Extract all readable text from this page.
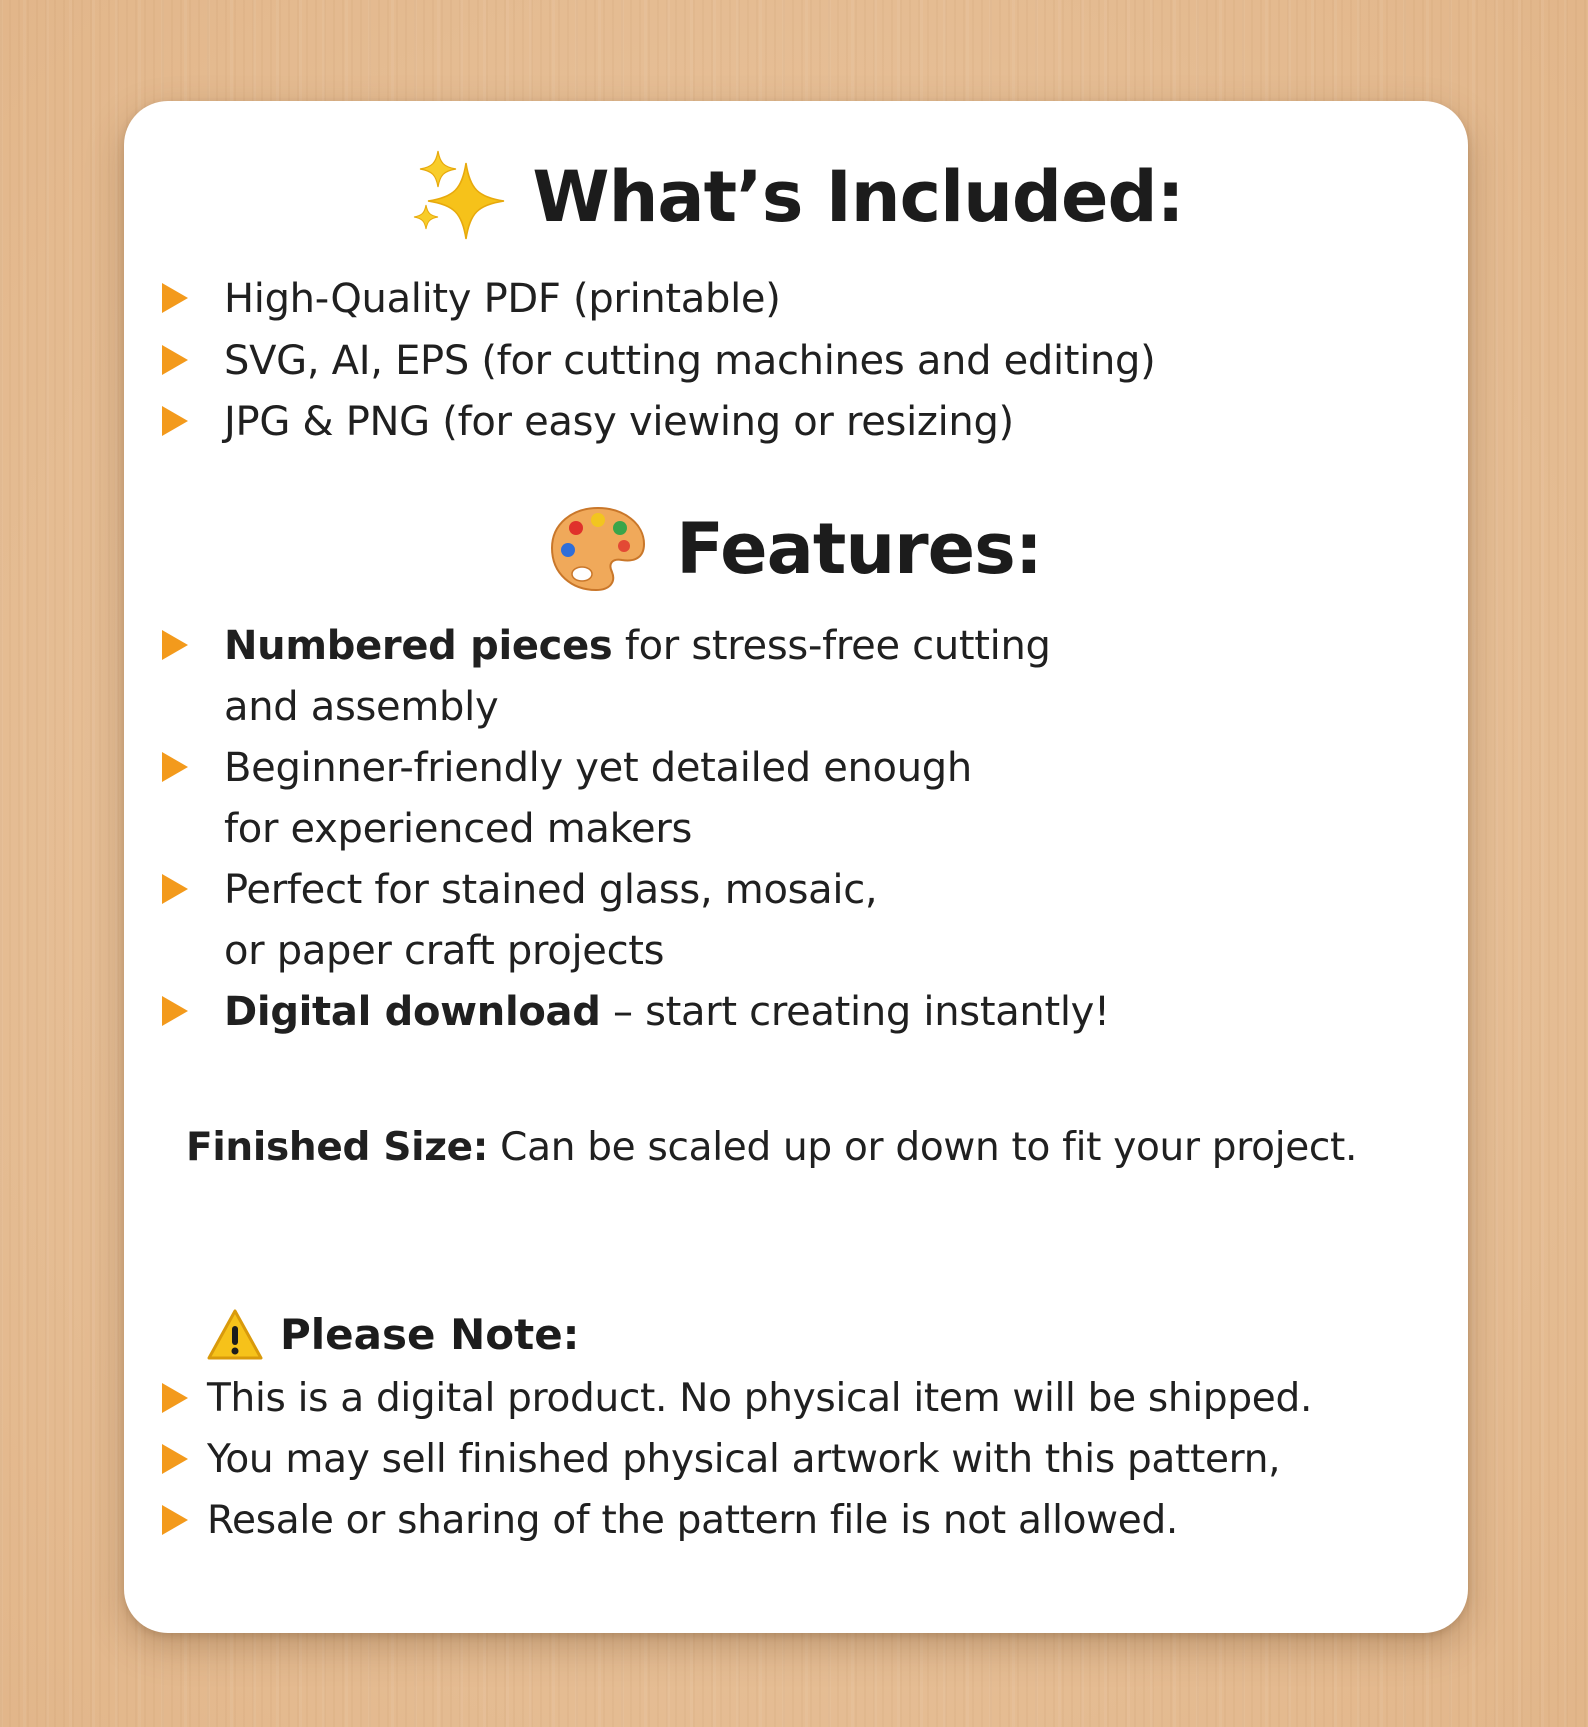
What’s Included:
High-Quality PDF (printable)
SVG, AI, EPS (for cutting machines and editing)
JPG & PNG (for easy viewing or resizing)
Features:
Numbered pieces for stress-free cutting
and assembly
Beginner-friendly yet detailed enough
for experienced makers
Perfect for stained glass, mosaic,
or paper craft projects
Digital download – start creating instantly!
Finished Size: Can be scaled up or down to fit your project.
Please Note:
This is a digital product. No physical item will be shipped.
You may sell finished physical artwork with this pattern,
Resale or sharing of the pattern file is not allowed.
